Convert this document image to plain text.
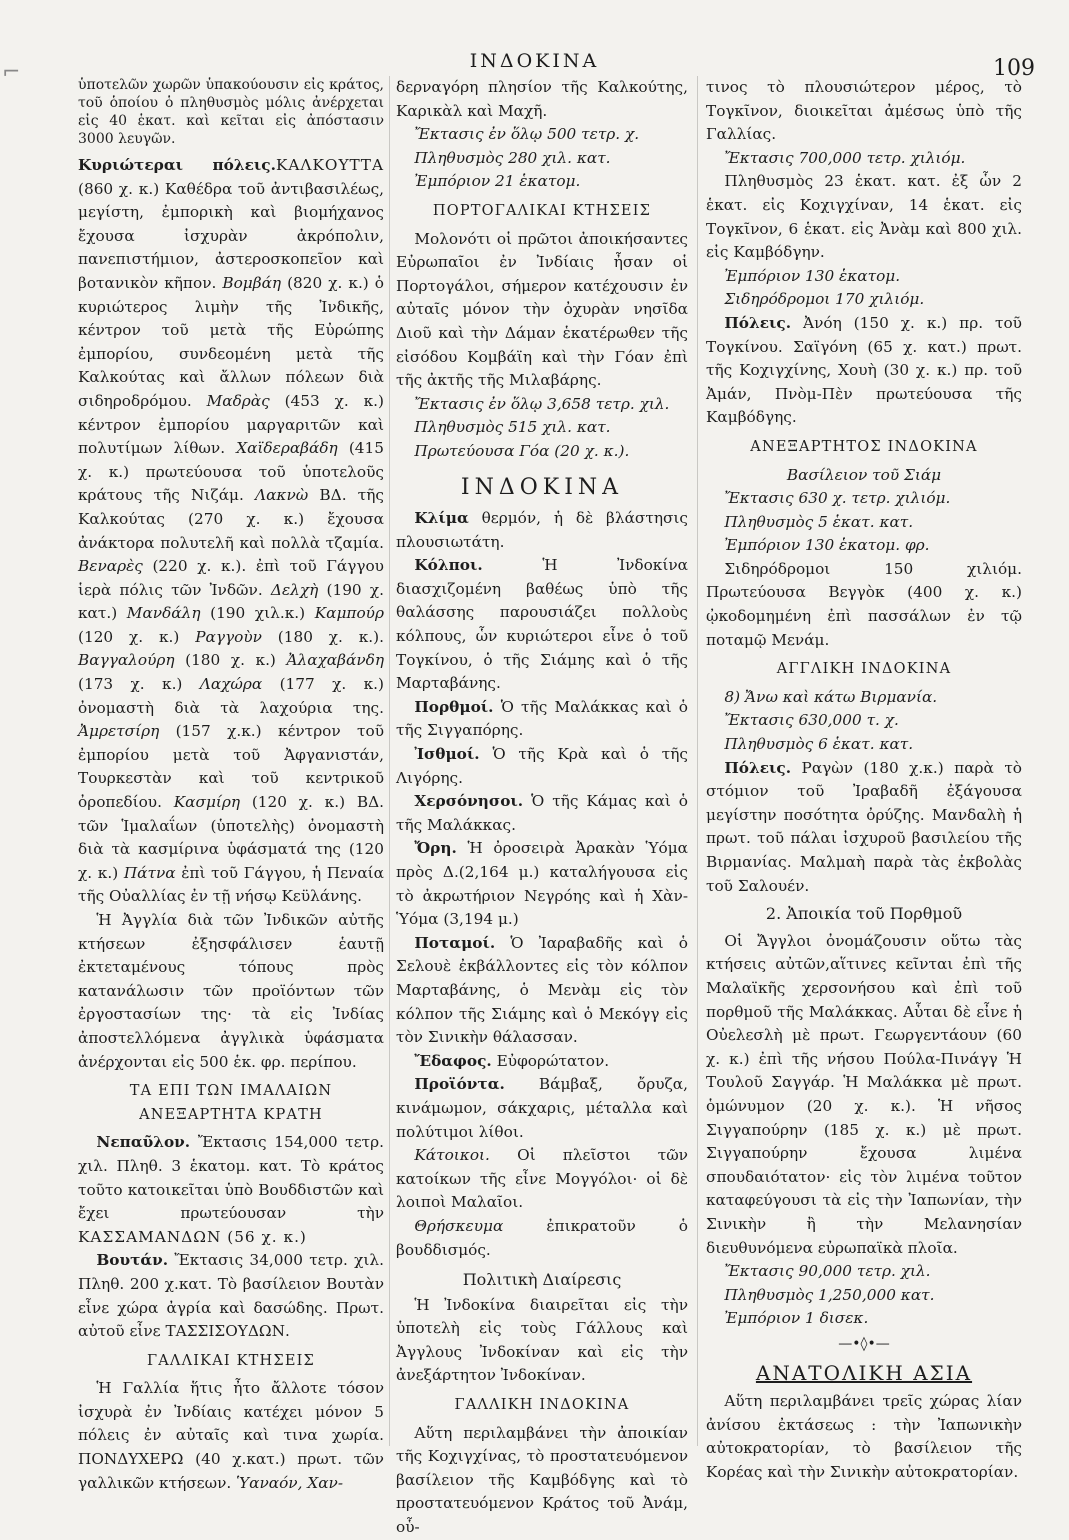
⌐	ΙΝΔΟΚΙΝΑ	109

ὑποτελῶν χωρῶν ὑπακούουσιν εἰς κράτος, τοῦ ὁποίου ὁ πληθυσμὸς μόλις ἀνέρχεται εἰς 40 ἑκατ. καὶ κεῖται εἰς ἀπόστασιν 3000 λευγῶν.

Κυριώτεραι πόλεις.ΚΑΛΚΟΥΤΤΑ (860 χ. κ.) Καθέδρα τοῦ ἀντιβασιλέως, μεγίστη, ἐμπορικὴ καὶ βιομήχανος ἔχουσα ἰσχυρὰν ἀκρόπολιν, πανεπιστήμιον, ἀστεροσκοπεῖον καὶ βοτανικὸν κῆπον. Βομβάη (820 χ. κ.) ὁ κυριώτερος λιμὴν τῆς Ἰνδικῆς, κέντρον τοῦ μετὰ τῆς Εὐρώπης ἐμπορίου, συνδεομένη μετὰ τῆς Καλκούτας καὶ ἄλλων πόλεων διὰ σιδηροδρόμου. Μαδρὰς (453 χ. κ.) κέντρον ἐμπορίου μαργαριτῶν καὶ πολυτίμων λίθων. Χαϊδεραβάδη (415 χ. κ.) πρωτεύουσα τοῦ ὑποτελοῦς κράτους τῆς Νιζάμ. Λακνὼ ΒΔ. τῆς Καλκούτας (270 χ. κ.) ἔχουσα ἀνάκτορα πολυτελῆ καὶ πολλὰ τζαμία. Βεναρὲς (220 χ. κ.). ἐπὶ τοῦ Γάγγου ἱερὰ πόλις τῶν Ἰνδῶν. Δελχὴ (190 χ. κατ.) Μανδάλη (190 χιλ.κ.) Καμπούρ (120 χ. κ.) Ραγγοὺν (180 χ. κ.). Βαγγαλούρη (180 χ. κ.) Ἀλαχαβάνδη (173 χ. κ.) Λαχώρα (177 χ. κ.) ὀνομαστὴ διὰ τὰ λαχούρια της. Ἀμρετσίρη (157 χ.κ.) κέντρον τοῦ ἐμπορίου μετὰ τοῦ Ἀφγανιστάν, Τουρκεστὰν καὶ τοῦ κεντρικοῦ ὀροπεδίου. Κασμίρη (120 χ. κ.) ΒΔ. τῶν Ἱμαλαΐων (ὑποτελὴς) ὀνομαστὴ διὰ τὰ κασμίρινα ὑφάσματά της (120 χ. κ.) Πάτνα ἐπὶ τοῦ Γάγγου, ἡ Πεναία τῆς Οὐαλλίας ἐν τῇ νήσῳ Κεϋλάνης.

Ἡ Ἀγγλία διὰ τῶν Ἰνδικῶν αὐτῆς κτήσεων ἐξησφάλισεν ἑαυτῇ ἐκτεταμένους τόπους πρὸς κατανάλωσιν τῶν προϊόντων τῶν ἐργοστασίων της· τὰ εἰς Ἰνδίας ἀποστελλόμενα ἀγγλικὰ ὑφάσματα ἀνέρχονται εἰς 500 ἑκ. φρ. περίπου.

ΤΑ ΕΠΙ ΤΩΝ ΙΜΑΛΑΙΩΝ ΑΝΕΞΑΡΤΗΤΑ ΚΡΑΤΗ

Νεπαῦλον. Ἔκτασις 154,000 τετρ. χιλ. Πληθ. 3 ἑκατομ. κατ. Τὸ κράτος τοῦτο κατοικεῖται ὑπὸ Βουδδιστῶν καὶ ἔχει πρωτεύουσαν τὴν ΚΑΣΣΑΜΑΝΔΩΝ (56 χ. κ.)

Βουτάν. Ἔκτασις 34,000 τετρ. χιλ. Πληθ. 200 χ.κατ. Τὸ βασίλειον Βουτὰν εἶνε χώρα ἀγρία καὶ δασώδης. Πρωτ. αὐτοῦ εἶνε ΤΑΣΣΙΣΟΥΔΩΝ.

ΓΑΛΛΙΚΑΙ ΚΤΗΣΕΙΣ

Ἡ Γαλλία ἥτις ἦτο ἄλλοτε τόσον ἰσχυρὰ ἐν Ἰνδίαις κατέχει μόνον 5 πόλεις ἐν αὐταῖς καὶ τινα χωρία. ΠΟΝΔΥΧΕΡΩ (40 χ.κατ.) πρωτ. τῶν γαλλικῶν κτήσεων. Ὑαναόν, Χαν-

δερναγόρη πλησίον τῆς Καλκούτης, Καρικὰλ καὶ Μαχῆ.

Ἔκτασις ἐν ὅλῳ 500 τετρ. χ.

Πληθυσμὸς 280 χιλ. κατ.

Ἐμπόριον 21 ἑκατομ.

ΠΟΡΤΟΓΑΛΙΚΑΙ ΚΤΗΣΕΙΣ

Μολονότι οἱ πρῶτοι ἀποικήσαντες Εὐρωπαῖοι ἐν Ἰνδίαις ἦσαν οἱ Πορτογάλοι, σήμερον κατέχουσιν ἐν αὐταῖς μόνον τὴν ὀχυρὰν νησῖδα Διοῦ καὶ τὴν Δάμαν ἑκατέρωθεν τῆς εἰσόδου Κομβάϊη καὶ τὴν Γόαν ἐπὶ τῆς ἀκτῆς τῆς Μιλαβάρης.

Ἔκτασις ἐν ὅλῳ 3,658 τετρ. χιλ.

Πληθυσμὸς 515 χιλ. κατ.

Πρωτεύουσα Γόα (20 χ. κ.).

ΙΝΔΟΚΙΝΑ

Κλίμα θερμόν, ἡ δὲ βλάστησις πλουσιωτάτη.

Κόλποι.	Ἡ Ἰνδοκίνα διασχιζομένη βαθέως ὑπὸ τῆς θαλάσσης παρουσιάζει πολλοὺς κόλπους, ὧν κυριώτεροι εἶνε ὁ τοῦ Τογκίνου, ὁ τῆς Σιάμης καὶ ὁ τῆς Μαρταβάνης.

Πορθμοί. Ὁ τῆς Μαλάκκας καὶ ὁ τῆς Σιγγαπόρης.

Ἰσθμοί. Ὁ τῆς Κρὰ καὶ ὁ τῆς Λιγόρης.

Χερσόνησοι. Ὁ τῆς Κάμας καὶ ὁ τῆς Μαλάκκας.

Ὄρη. Ἡ ὀροσειρὰ Ἀρακὰν Ὑόμα πρὸς Δ.(2,164 μ.) καταλήγουσα εἰς τὸ ἀκρωτήριον Νεγρόης καὶ ἡ Χὰν-Ὑόμα (3,194 μ.)

Ποταμοί. Ὁ Ἰαραβαδῆς καὶ ὁ Σελουὲ ἐκβάλλοντες εἰς τὸν κόλπον Μαρταβάνης, ὁ Μενὰμ εἰς τὸν κόλπον τῆς Σιάμης καὶ ὁ Μεκόγγ εἰς τὸν Σινικὴν θάλασσαν.

Ἔδαφος. Εὐφορώτατον.

Προϊόντα. Βάμβαξ, ὄρυζα, κινάμωμον, σάκχαρις, μέταλλα καὶ πολύτιμοι λίθοι.

Κάτοικοι. Οἱ πλεῖστοι τῶν κατοίκων τῆς εἶνε Μογγόλοι· οἱ δὲ λοιποὶ Μαλαῖοι.

Θρήσκευμα	ἐπικρατοῦν ὁ βουδδισμός.

Πολιτικὴ Διαίρεσις

Ἡ Ἰνδοκίνα διαιρεῖται εἰς τὴν ὑποτελὴ εἰς τοὺς Γάλλους καὶ Ἀγγλους Ἰνδοκίναν καὶ εἰς τὴν ἀνεξάρτητον Ἰνδοκίναν.

ΓΑΛΛΙΚΗ ΙΝΔΟΚΙΝΑ

Αὕτη περιλαμβάνει τὴν ἀποικίαν τῆς Κοχιγχίνας, τὸ προστατευόμενον βασίλειον τῆς Καμβόδγης καὶ τὸ προστατευόμενον Κράτος τοῦ Ἀνάμ, οὗ-

τινος τὸ πλουσιώτερον μέρος, τὸ Τογκῖνον, διοικεῖται ἀμέσως ὑπὸ τῆς Γαλλίας.

Ἔκτασις 700,000 τετρ. χιλιόμ.

Πληθυσμὸς 23 ἑκατ. κατ. ἐξ ὧν 2 ἑκατ. εἰς Κοχιγχίναν, 14 ἑκατ. εἰς Τογκῖνον, 6 ἑκατ. εἰς Ἀνὰμ καὶ 800 χιλ. εἰς Καμβόδγην.

Ἐμπόριον 130 ἑκατομ.

Σιδηρόδρομοι 170 χιλιόμ.

Πόλεις. Ἀνόη (150 χ. κ.) πρ. τοῦ Τογκίνου. Σαϊγόνη (65 χ. κατ.) πρωτ. τῆς Κοχιγχίνης, Χουὴ (30 χ. κ.) πρ. τοῦ Ἀμάν, Πνὸμ-Πὲν πρωτεύουσα τῆς Καμβόδγης.

ΑΝΕΞΑΡΤΗΤΟΣ ΙΝΔΟΚΙΝΑ

Βασίλειον τοῦ Σιάμ

Ἔκτασις 630 χ. τετρ. χιλιόμ.

Πληθυσμὸς 5 ἑκατ. κατ.

Ἐμπόριον 130 ἑκατομ. φρ.

Σιδηρόδρομοι 150 χιλιόμ. Πρωτεύουσα Βεγγὸκ (400 χ. κ.) ᾠκοδομημένη ἐπὶ πασσάλων ἐν τῷ ποταμῷ Μενάμ.

ΑΓΓΛΙΚΗ ΙΝΔΟΚΙΝΑ

8) Ἄνω καὶ κάτω Βιρμανία.

Ἔκτασις 630,000 τ. χ.

Πληθυσμὸς 6 ἑκατ. κατ.

Πόλεις. Ραγὼν (180 χ.κ.) παρὰ τὸ στόμιον τοῦ Ἰραβαδῆ ἐξάγουσα μεγίστην ποσότητα ὀρύζης. Μανδαλὴ ἡ πρωτ. τοῦ πάλαι ἰσχυροῦ βασιλείου τῆς Βιρμανίας. Μαλμαὴ παρὰ τὰς ἐκβολὰς τοῦ Σαλουέν.

2. Ἀποικία τοῦ Πορθμοῦ

Οἱ Ἄγγλοι ὀνομάζουσιν οὕτω τὰς κτήσεις αὐτῶν,αἵτινες κεῖνται ἐπὶ τῆς Μαλαϊκῆς χερσονήσου καὶ ἐπὶ τοῦ πορθμοῦ τῆς Μαλάκκας. Αὗται δὲ εἶνε ἡ Οὐελεσλὴ μὲ πρωτ. Γεωργεντάουν (60 χ. κ.) ἐπὶ τῆς νήσου Πούλα-Πινάγγ Ἡ Τουλοῦ Σαγγάρ. Ἡ Μαλάκκα μὲ πρωτ. ὁμώνυμον (20 χ. κ.). Ἡ νῆσος Σιγγαπούρην (185 χ. κ.) μὲ πρωτ. Σιγγαπούρην ἔχουσα λιμένα σπουδαιότατον· εἰς τὸν λιμένα τοῦτον καταφεύγουσι τὰ εἰς τὴν Ἰαπωνίαν, τὴν Σινικὴν ἢ τὴν Μελανησίαν διευθυνόμενα εὐρωπαϊκὰ πλοῖα.

Ἔκτασις 90,000 τετρ. χιλ.

Πληθυσμὸς 1,250,000 κατ.

Ἐμπόριον 1 δισεκ.

—•◊•—

ΑΝΑΤΟΛΙΚΗ ΑΣΙΑ

Αὕτη περιλαμβάνει τρεῖς χώρας λίαν ἀνίσου ἐκτάσεως : τὴν Ἰαπωνικὴν αὐτοκρατορίαν, τὸ βασίλειον τῆς Κορέας καὶ τὴν Σινικὴν αὐτοκρατορίαν.
